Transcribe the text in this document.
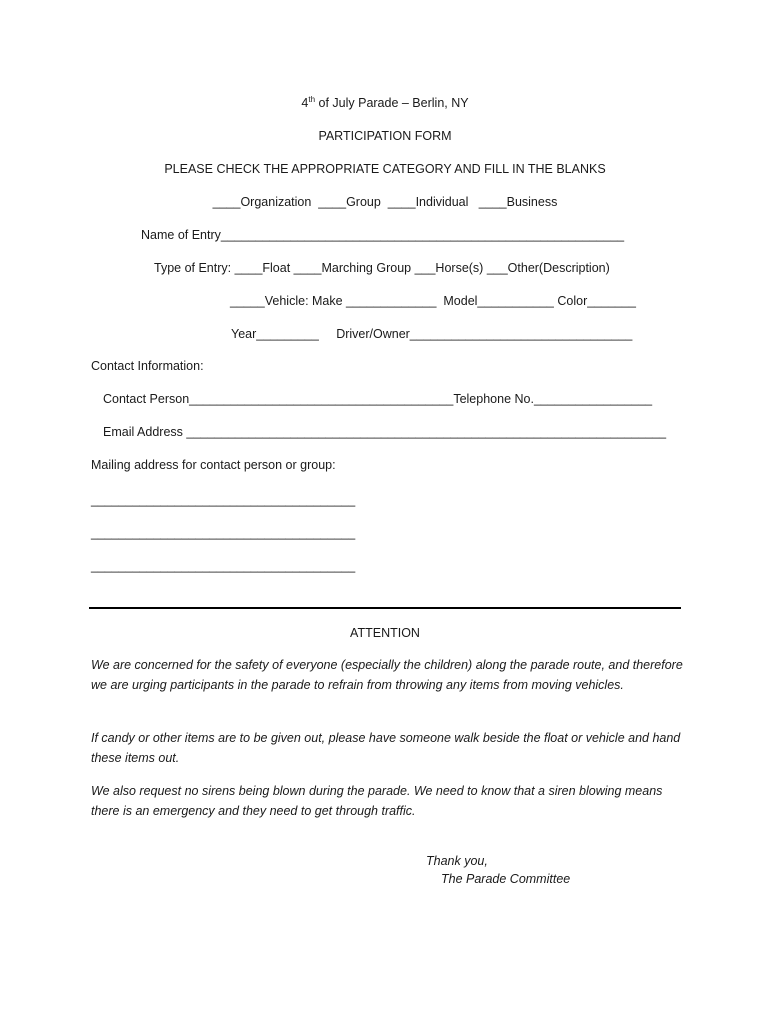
4th of July Parade – Berlin, NY
PARTICIPATION FORM
PLEASE CHECK THE APPROPRIATE CATEGORY AND FILL IN THE BLANKS
____Organization  ____Group  ____Individual   ____Business
Name of Entry__________________________________________________________
Type of Entry: ____Float ____Marching Group ___Horse(s) ___Other(Description)
_____Vehicle: Make _____________  Model___________ Color_______
Year_________     Driver/Owner________________________________
Contact Information:
Contact Person______________________________________Telephone No._________________
Email Address _____________________________________________________________________
Mailing address for contact person or group:
______________________________________
______________________________________
______________________________________
ATTENTION

We are concerned for the safety of everyone (especially the children) along the parade route, and therefore we are urging participants in the parade to refrain from throwing any items from moving vehicles.

If candy or other items are to be given out, please have someone walk beside the float or vehicle and hand these items out.

We also request no sirens being blown during the parade. We need to know that a siren blowing means there is an emergency and they need to get through traffic.

Thank you,
The Parade Committee
